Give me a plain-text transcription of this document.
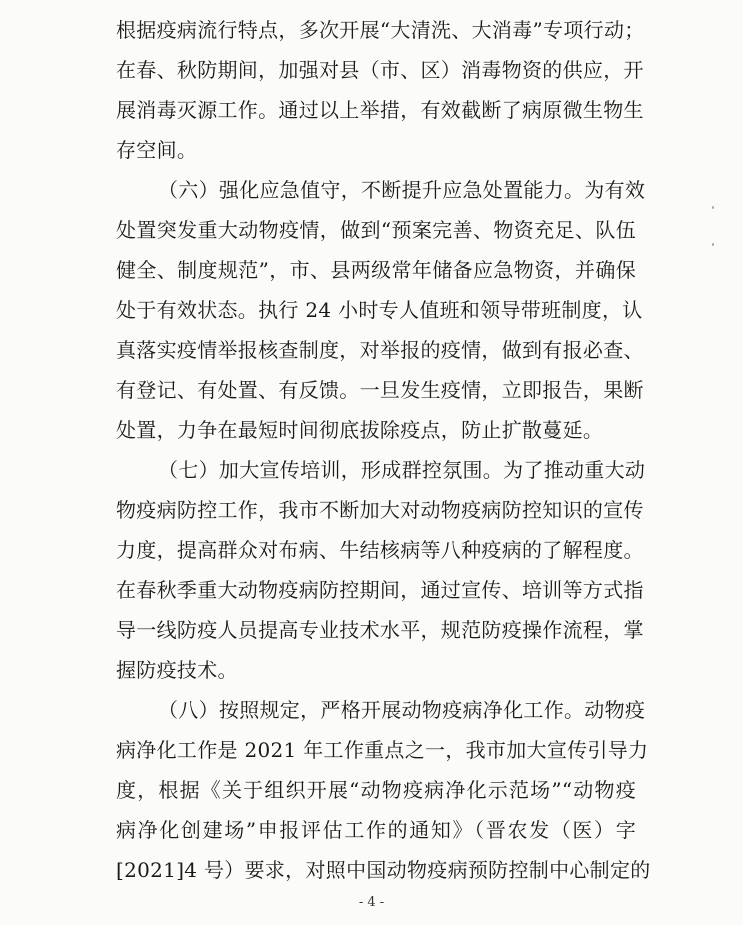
根据疫病流行特点，多次开展“大清洗、大消毒”专项行动；
在春、秋防期间，加强对县（市、区）消毒物资的供应，开
展消毒灭源工作。通过以上举措，有效截断了病原微生物生
存空间。
（六）强化应急值守，不断提升应急处置能力。为有效
处置突发重大动物疫情，做到“预案完善、物资充足、队伍
健全、制度规范”，市、县两级常年储备应急物资，并确保
处于有效状态。执行 24 小时专人值班和领导带班制度，认
真落实疫情举报核查制度，对举报的疫情，做到有报必查、
有登记、有处置、有反馈。一旦发生疫情，立即报告，果断
处置，力争在最短时间彻底拔除疫点，防止扩散蔓延。
（七）加大宣传培训，形成群控氛围。为了推动重大动
物疫病防控工作，我市不断加大对动物疫病防控知识的宣传
力度，提高群众对布病、牛结核病等八种疫病的了解程度。
在春秋季重大动物疫病防控期间，通过宣传、培训等方式指
导一线防疫人员提高专业技术水平，规范防疫操作流程，掌
握防疫技术。
（八）按照规定，严格开展动物疫病净化工作。动物疫
病净化工作是 2021 年工作重点之一，我市加大宣传引导力
度，根据《关于组织开展“动物疫病净化示范场”“动物疫
病净化创建场”申报评估工作的通知》（晋农发（医）字
[2021]4 号）要求，对照中国动物疫病预防控制中心制定的
- 4 -
